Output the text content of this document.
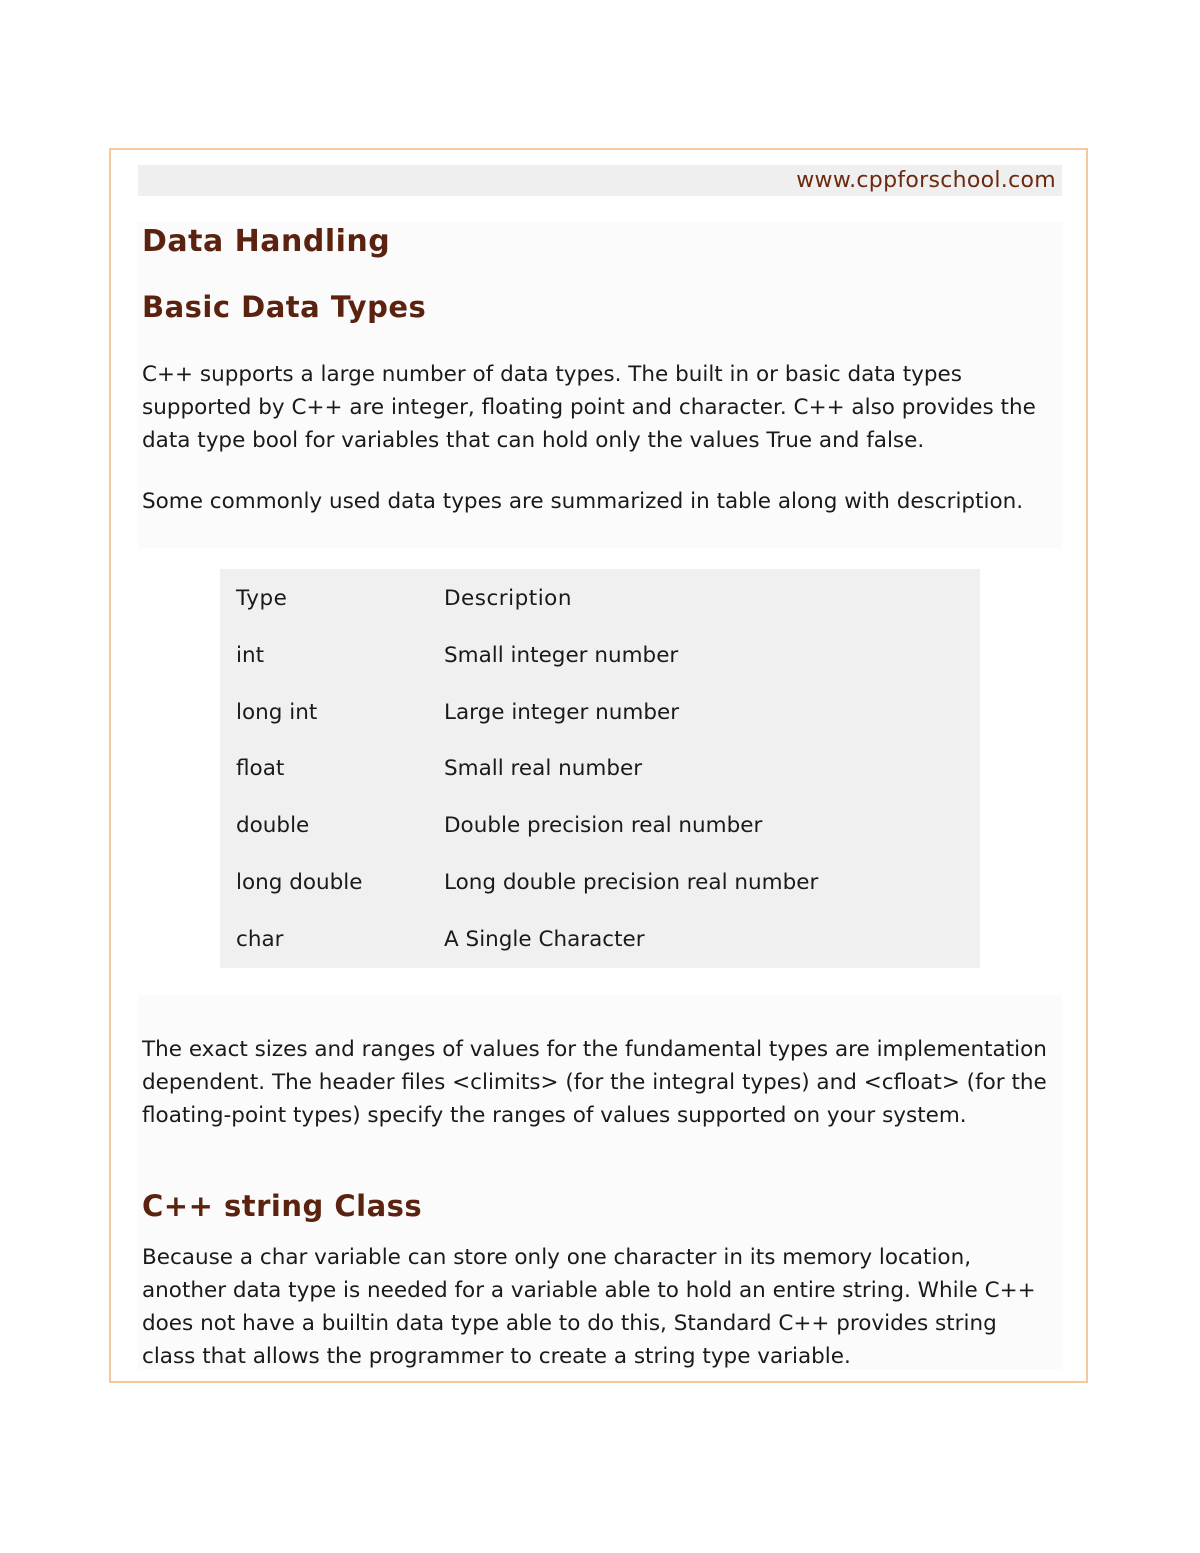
www.cppforschool.com
Data Handling
Basic Data Types

C++ supports a large number of data types. The built in or basic data types supported by C++ are integer, floating point and character. C++ also provides the data type bool for variables that can hold only the values True and false.

Some commonly used data types are summarized in table along with description.

Type	Description
int	Small integer number
long int	Large integer number
float	Small real number
double	Double precision real number
long double	Long double precision real number
char	A Single Character

The exact sizes and ranges of values for the fundamental types are implementation dependent. The header files <climits> (for the integral types) and <cfloat> (for the floating-point types) specify the ranges of values supported on your system.

C++ string Class

Because a char variable can store only one character in its memory location, another data type is needed for a variable able to hold an entire string. While C++ does not have a builtin data type able to do this, Standard C++ provides string class that allows the programmer to create a string type variable.
